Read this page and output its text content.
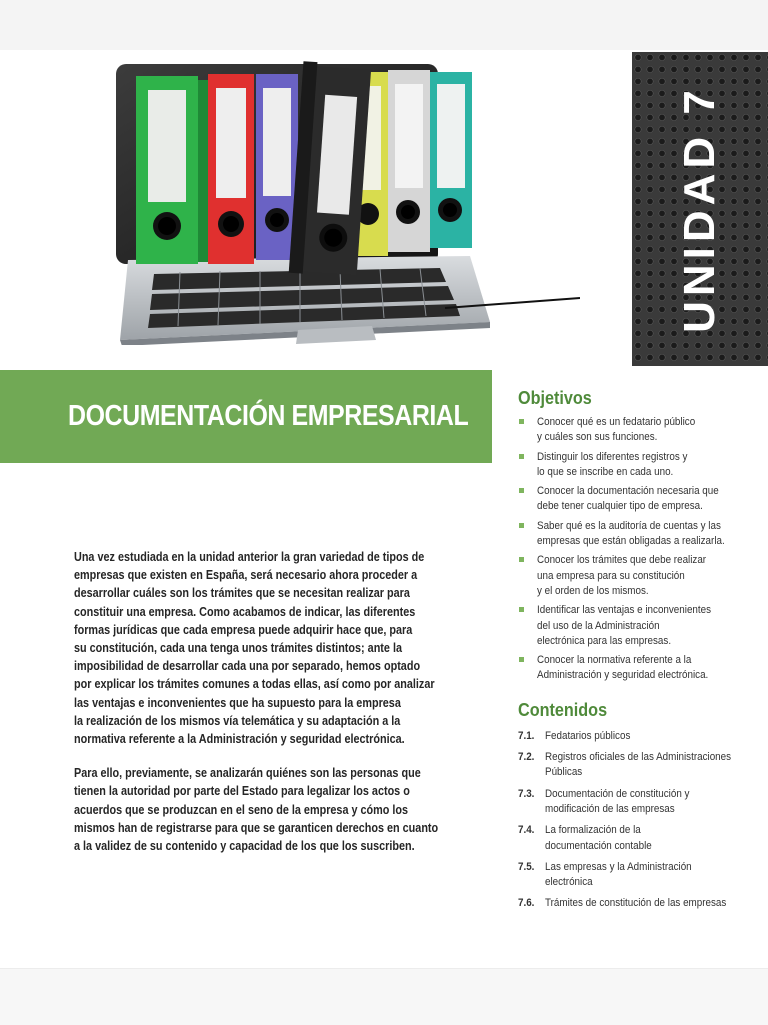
UNIDAD 7
DOCUMENTACIÓN EMPRESARIAL

Una vez estudiada en la unidad anterior la gran variedad de tipos de
empresas que existen en España, será necesario ahora proceder a
desarrollar cuáles son los trámites que se necesitan realizar para
constituir una empresa. Como acabamos de indicar, las diferentes
formas jurídicas que cada empresa puede adquirir hace que, para
su constitución, cada una tenga unos trámites distintos; ante la
imposibilidad de desarrollar cada una por separado, hemos optado
por explicar los trámites comunes a todas ellas, así como por analizar
las ventajas e inconvenientes que ha supuesto para la empresa
la realización de los mismos vía telemática y su adaptación a la
normativa referente a la Administración y seguridad electrónica.

Para ello, previamente, se analizarán quiénes son las personas que
tienen la autoridad por parte del Estado para legalizar los actos o
acuerdos que se produzcan en el seno de la empresa y cómo los
mismos han de registrarse para que se garanticen derechos en cuanto
a la validez de su contenido y capacidad de los que los suscriben.

Objetivos
Conocer qué es un fedatario público
y cuáles son sus funciones.
Distinguir los diferentes registros y
lo que se inscribe en cada uno.
Conocer la documentación necesaria que
debe tener cualquier tipo de empresa.
Saber qué es la auditoría de cuentas y las
empresas que están obligadas a realizarla.
Conocer los trámites que debe realizar
una empresa para su constitución
y el orden de los mismos.
Identificar las ventajas e inconvenientes
del uso de la Administración
electrónica para las empresas.
Conocer la normativa referente a la
Administración y seguridad electrónica.
Contenidos
7.1. Fedatarios públicos
7.2. Registros oficiales de las Administraciones
Públicas
7.3. Documentación de constitución y
modificación de las empresas
7.4. La formalización de la
documentación contable
7.5. Las empresas y la Administración
electrónica
7.6. Trámites de constitución de las empresas
